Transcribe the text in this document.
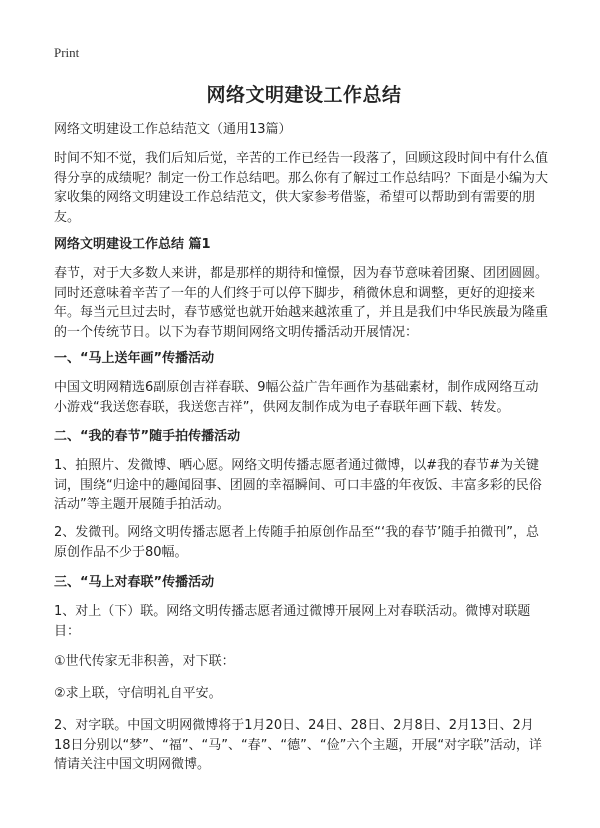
Print
网络文明建设工作总结
网络文明建设工作总结范文（通用13篇）
时间不知不觉，我们后知后觉，辛苦的工作已经告一段落了，回顾这段时间中有什么值得分享的成绩呢？制定一份工作总结吧。那么你有了解过工作总结吗？下面是小编为大家收集的网络文明建设工作总结范文，供大家参考借鉴，希望可以帮助到有需要的朋友。
网络文明建设工作总结 篇1
春节，对于大多数人来讲，都是那样的期待和憧憬，因为春节意味着团聚、团团圆圆。同时还意味着辛苦了一年的人们终于可以停下脚步，稍微休息和调整，更好的迎接来年。每当元旦过去时，春节感觉也就开始越来越浓重了，并且是我们中华民族最为隆重的一个传统节日。以下为春节期间网络文明传播活动开展情况：
一、“马上送年画”传播活动
中国文明网精选6副原创吉祥春联、9幅公益广告年画作为基础素材，制作成网络互动小游戏“我送您春联，我送您吉祥”，供网友制作成为电子春联年画下载、转发。
二、“我的春节”随手拍传播活动
1、拍照片、发微博、晒心愿。网络文明传播志愿者通过微博，以#我的春节#为关键词，围绕“归途中的趣闻囧事、团圆的幸福瞬间、可口丰盛的年夜饭、丰富多彩的民俗活动”等主题开展随手拍活动。
2、发微刊。网络文明传播志愿者上传随手拍原创作品至“‘我的春节’随手拍微刊”，总原创作品不少于80幅。
三、“马上对春联”传播活动
1、对上（下）联。网络文明传播志愿者通过微博开展网上对春联活动。微博对联题目：
①世代传家无非积善，对下联：
②求上联，守信明礼自平安。
2、对字联。中国文明网微博将于1月20日、24日、28日、2月8日、2月13日、2月18日分别以“梦”、“福”、“马”、“春”、“德”、“俭”六个主题，开展“对字联”活动，详情请关注中国文明网微博。
